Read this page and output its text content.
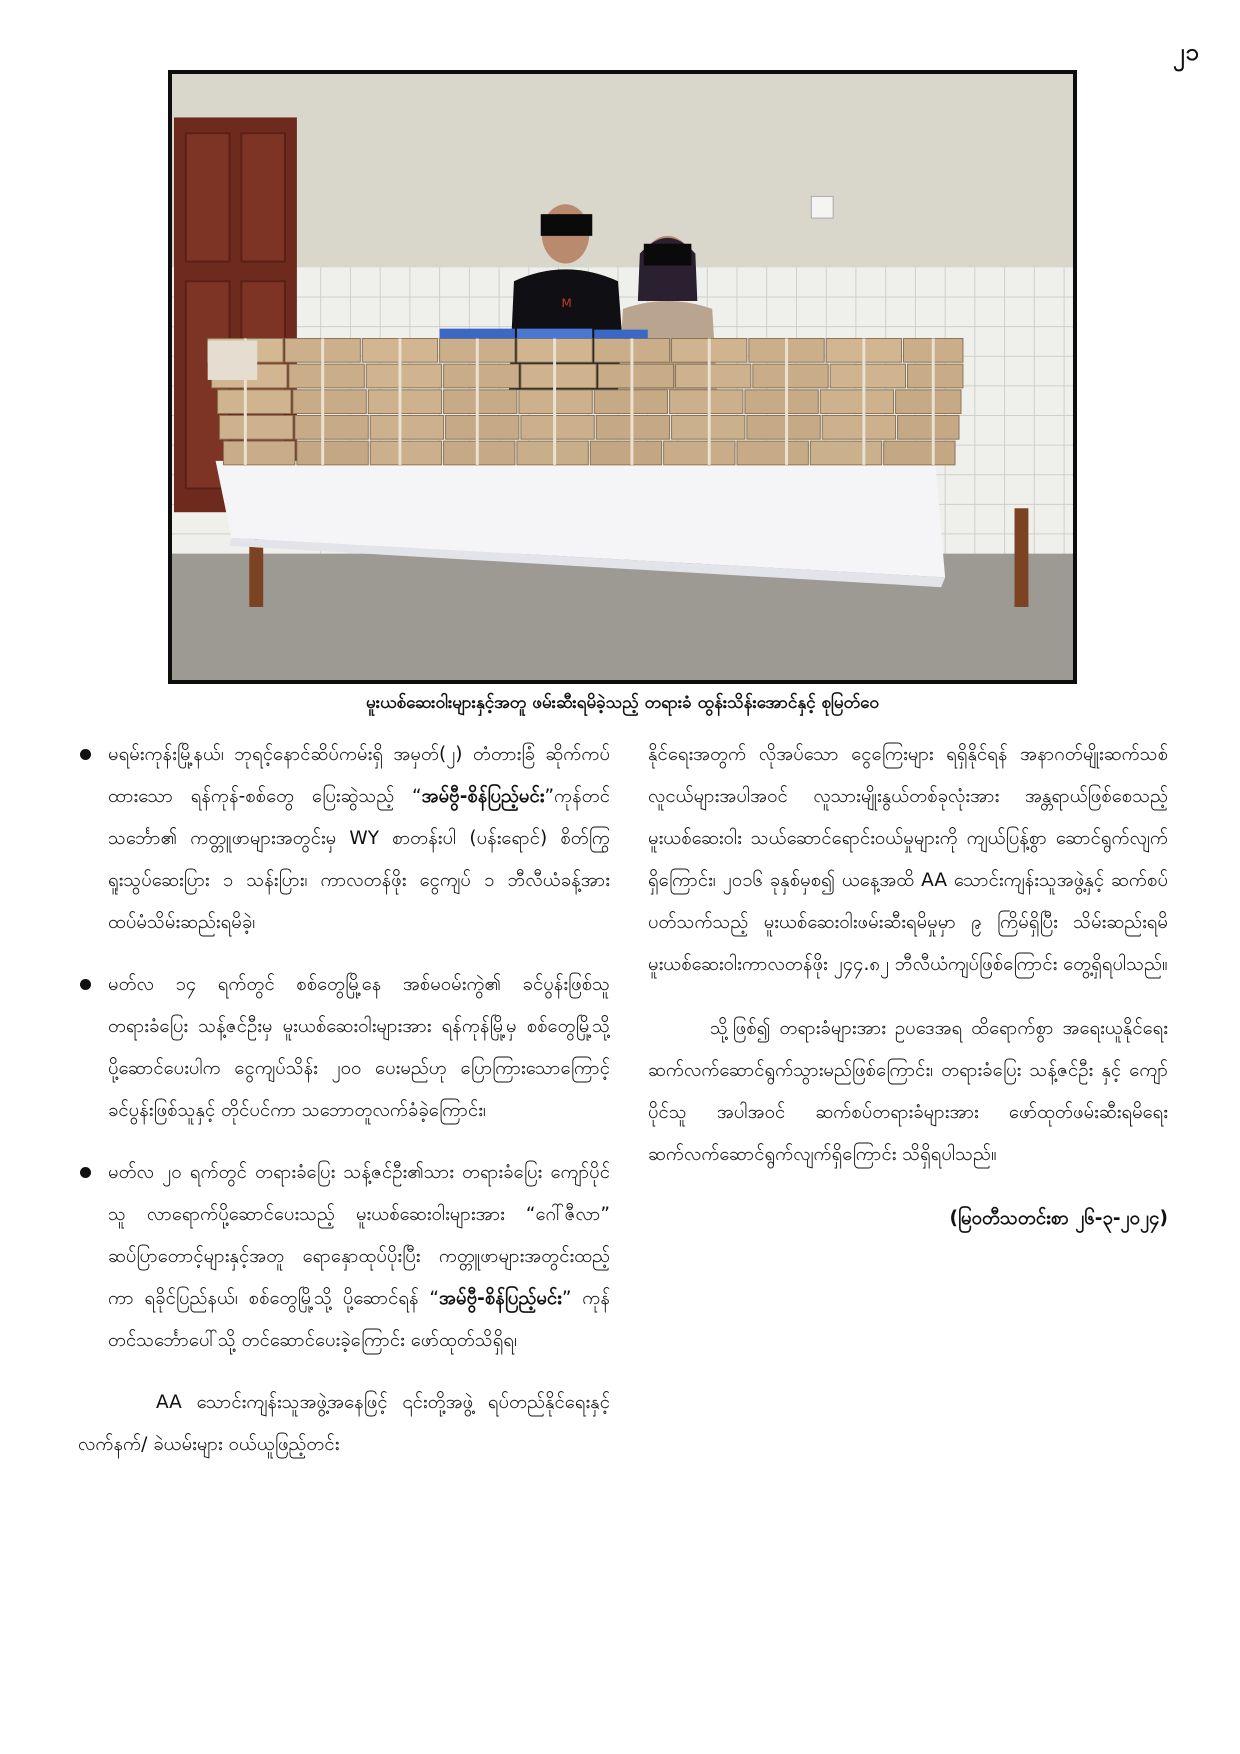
၂၁
M
မူးယစ်ဆေးဝါးများနှင့်အတူ ဖမ်းဆီးရမိခဲ့သည့် တရားခံ ထွန်းသိန်းအောင်နှင့် စုမြတ်ဝေ
မရမ်းကုန်းမြို့နယ်၊ ဘုရင့်နောင်ဆိပ်ကမ်းရှိ အမှတ်(၂) တံတားခြံ ဆိုက်ကပ်ထားသော ရန်ကုန်-စစ်တွေ ပြေးဆွဲသည့် “အမ်ဗွီ-စိန်ပြည့်မင်း”ကုန်တင်သင်္ဘော၏ ကတ္တူဖာများအတွင်းမှ WY စာတန်းပါ (ပန်းရောင်) စိတ်ကြွရူးသွပ်ဆေးပြား ၁ သန်းပြား၊ ကာလတန်ဖိုး ငွေကျပ် ၁ ဘီလီယံခန့်အား ထပ်မံသိမ်းဆည်းရမိခဲ့၊
မတ်လ ၁၄ ရက်တွင် စစ်တွေမြို့နေ အစ်မဝမ်းကွဲ၏ ခင်ပွန်းဖြစ်သူ တရားခံပြေး သန့်ဇင်ဦးမှ မူးယစ်ဆေးဝါးများအား ရန်ကုန်မြို့မှ စစ်တွေမြို့သို့ ပို့ဆောင်ပေးပါက ငွေကျပ်သိန်း ၂၀၀ ပေးမည်ဟု ပြောကြားသောကြောင့် ခင်ပွန်းဖြစ်သူနှင့် တိုင်ပင်ကာ သဘောတူလက်ခံခဲ့ကြောင်း၊
မတ်လ ၂၀ ရက်တွင် တရားခံပြေး သန့်ဇင်ဦး၏သား တရားခံပြေး ကျော်ပိုင်သူ လာရောက်ပို့ဆောင်ပေးသည့် မူးယစ်ဆေးဝါးများအား “ဂေါ်ဇီလာ” ဆပ်ပြာတောင့်များနှင့်အတူ ရောနှောထုပ်ပိုးပြီး ကတ္တူဖာများအတွင်းထည့်ကာ ရခိုင်ပြည်နယ်၊ စစ်တွေမြို့သို့ ပို့ဆောင်ရန် “အမ်ဗွီ-စိန်ပြည့်မင်း” ကုန်တင်သင်္ဘောပေါ်သို့ တင်ဆောင်ပေးခဲ့ကြောင်း ဖော်ထုတ်သိရှိရ၊

AA သောင်းကျန်းသူအဖွဲ့အနေဖြင့် ၎င်းတို့အဖွဲ့ ရပ်တည်နိုင်ရေးနှင့် လက်နက်/ ခဲယမ်းများ ဝယ်ယူဖြည့်တင်း

နိုင်ရေးအတွက် လိုအပ်သော ငွေကြေးများ ရရှိနိုင်ရန် အနာဂတ်မျိုးဆက်သစ်လူငယ်များအပါအဝင် လူသားမျိုးနွယ်တစ်ခုလုံးအား အန္တရာယ်ဖြစ်စေသည့် မူးယစ်ဆေးဝါး သယ်ဆောင်ရောင်းဝယ်မှုများကို ကျယ်ပြန့်စွာ ဆောင်ရွက်လျက်ရှိကြောင်း၊ ၂၀၁၆ ခုနှစ်မှစ၍ ယနေ့အထိ AA သောင်းကျန်းသူအဖွဲ့နှင့် ဆက်စပ်ပတ်သက်သည့် မူးယစ်ဆေးဝါးဖမ်းဆီးရမိမှုမှာ ၉ ကြိမ်ရှိပြီး သိမ်းဆည်းရမိ မူးယစ်ဆေးဝါးကာလတန်ဖိုး ၂၄၄.၈၂ ဘီလီယံကျပ်ဖြစ်ကြောင်း တွေ့ရှိရပါသည်။

သို့ဖြစ်၍ တရားခံများအား ဥပဒေအရ ထိရောက်စွာ အရေးယူနိုင်ရေး ဆက်လက်ဆောင်ရွက်သွားမည်ဖြစ်ကြောင်း၊ တရားခံပြေး သန့်ဇင်ဦး နှင့် ကျော်ပိုင်သူ အပါအဝင် ဆက်စပ်တရားခံများအား ဖော်ထုတ်ဖမ်းဆီးရမိရေး ဆက်လက်ဆောင်ရွက်လျက်ရှိကြောင်း သိရှိရပါသည်။

(မြဝတီသတင်းစာ ၂၆-၃-၂၀၂၄)
